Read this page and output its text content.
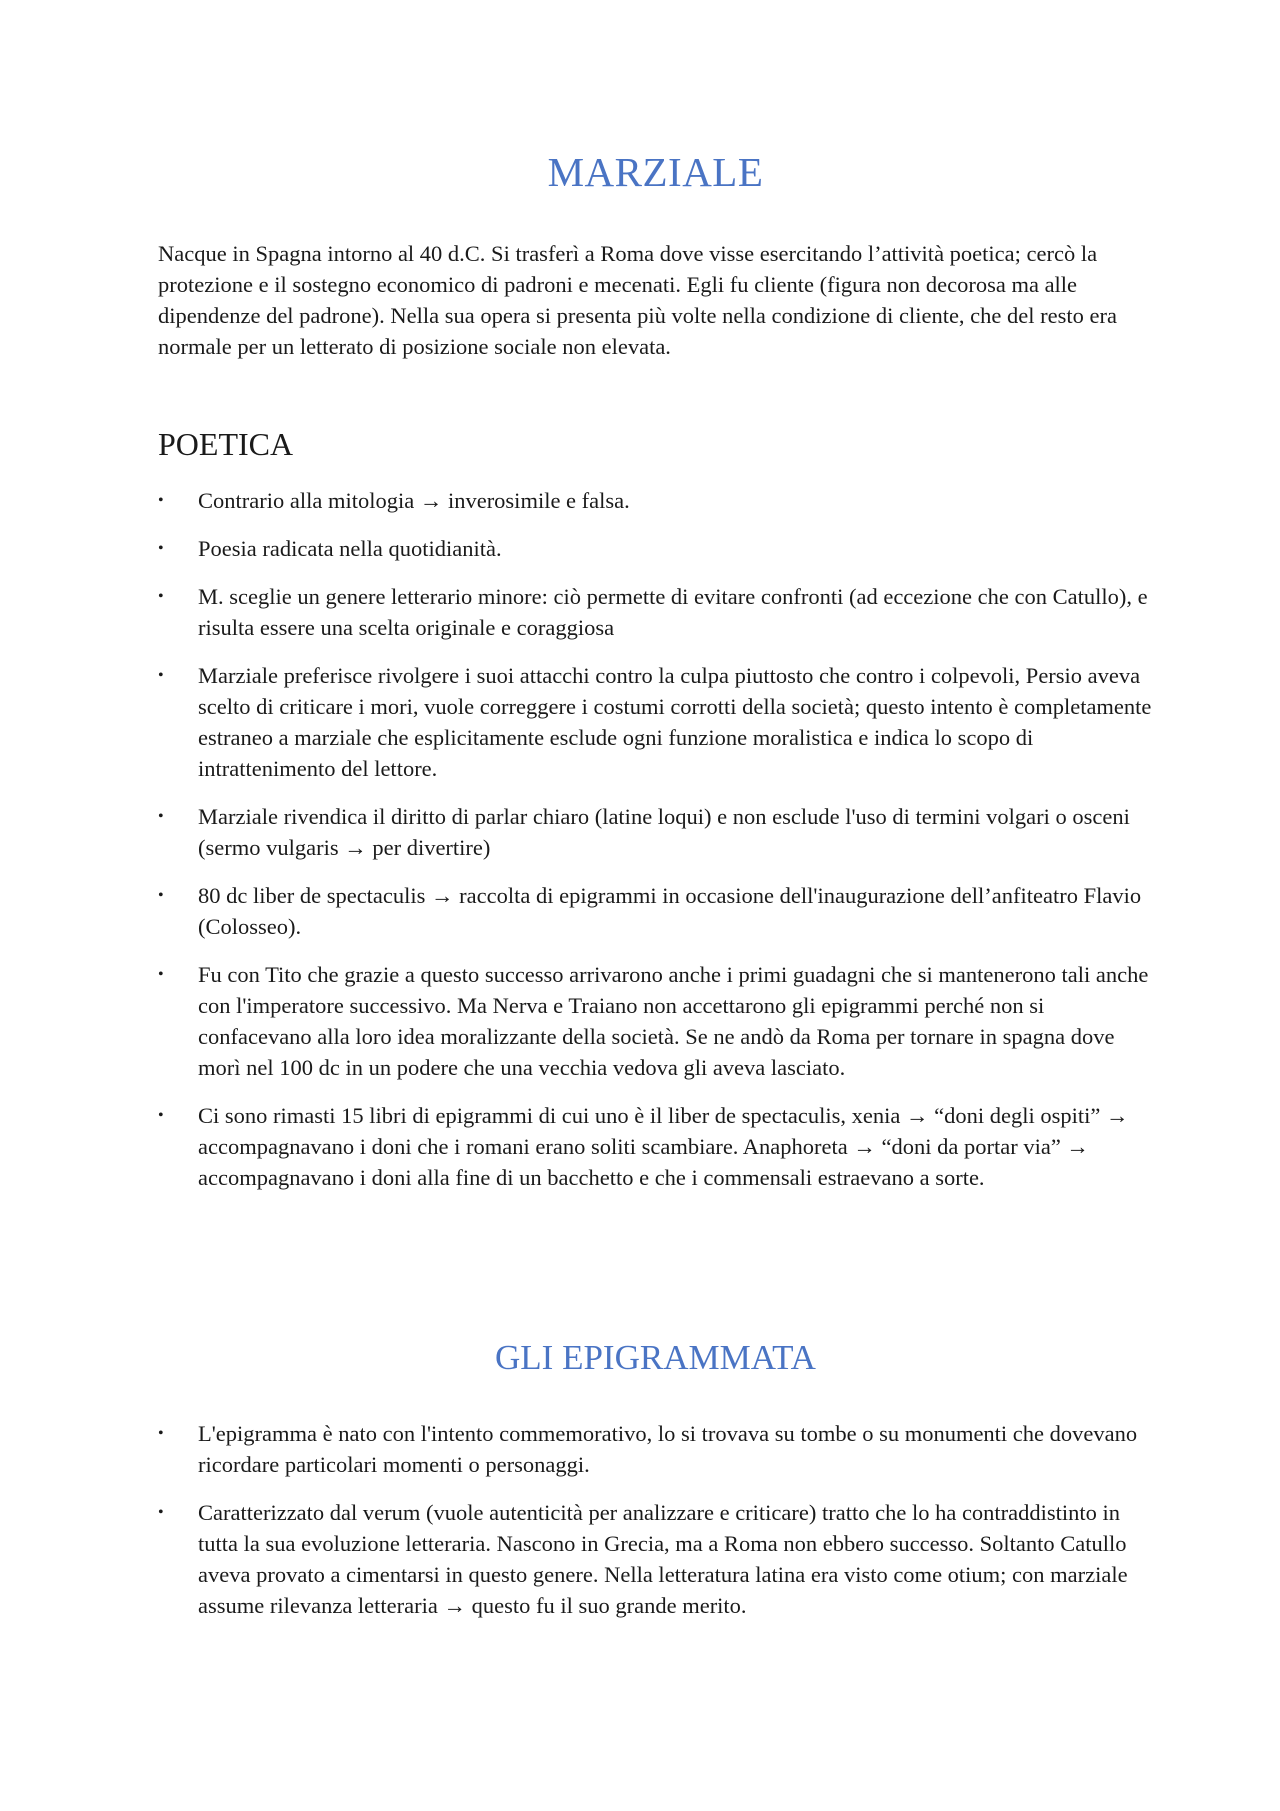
MARZIALE

Nacque in Spagna intorno al 40 d.C. Si trasferì a Roma dove visse esercitando l’attività poetica; cercò la protezione e il sostegno economico di padroni e mecenati. Egli fu cliente (figura non decorosa ma alle dipendenze del padrone). Nella sua opera si presenta più volte nella condizione di cliente, che del resto era normale per un letterato di posizione sociale non elevata.

POETICA
• Contrario alla mitologia → inverosimile e falsa.
• Poesia radicata nella quotidianità.
• M. sceglie un genere letterario minore: ciò permette di evitare confronti (ad eccezione che con Catullo), e risulta essere una scelta originale e coraggiosa
• Marziale preferisce rivolgere i suoi attacchi contro la culpa piuttosto che contro i colpevoli, Persio aveva scelto di criticare i mori, vuole correggere i costumi corrotti della società; questo intento è completamente estraneo a marziale che esplicitamente esclude ogni funzione moralistica e indica lo scopo di intrattenimento del lettore.
• Marziale rivendica il diritto di parlar chiaro (latine loqui) e non esclude l'uso di termini volgari o osceni (sermo vulgaris → per divertire)
• 80 dc liber de spectaculis → raccolta di epigrammi in occasione dell'inaugurazione dell’anfiteatro Flavio (Colosseo).
• Fu con Tito che grazie a questo successo arrivarono anche i primi guadagni che si mantenerono tali anche con l'imperatore successivo. Ma Nerva e Traiano non accettarono gli epigrammi perché non si confacevano alla loro idea moralizzante della società. Se ne andò da Roma per tornare in spagna dove morì nel 100 dc in un podere che una vecchia vedova gli aveva lasciato.
• Ci sono rimasti 15 libri di epigrammi di cui uno è il liber de spectaculis, xenia → “doni degli ospiti” → accompagnavano i doni che i romani erano soliti scambiare. Anaphoreta → “doni da portar via” → accompagnavano i doni alla fine di un bacchetto e che i commensali estraevano a sorte.
GLI EPIGRAMMATA
• L'epigramma è nato con l'intento commemorativo, lo si trovava su tombe o su monumenti che dovevano ricordare particolari momenti o personaggi.
• Caratterizzato dal verum (vuole autenticità per analizzare e criticare) tratto che lo ha contraddistinto in tutta la sua evoluzione letteraria. Nascono in Grecia, ma a Roma non ebbero successo. Soltanto Catullo aveva provato a cimentarsi in questo genere. Nella letteratura latina era visto come otium; con marziale assume rilevanza letteraria → questo fu il suo grande merito.
